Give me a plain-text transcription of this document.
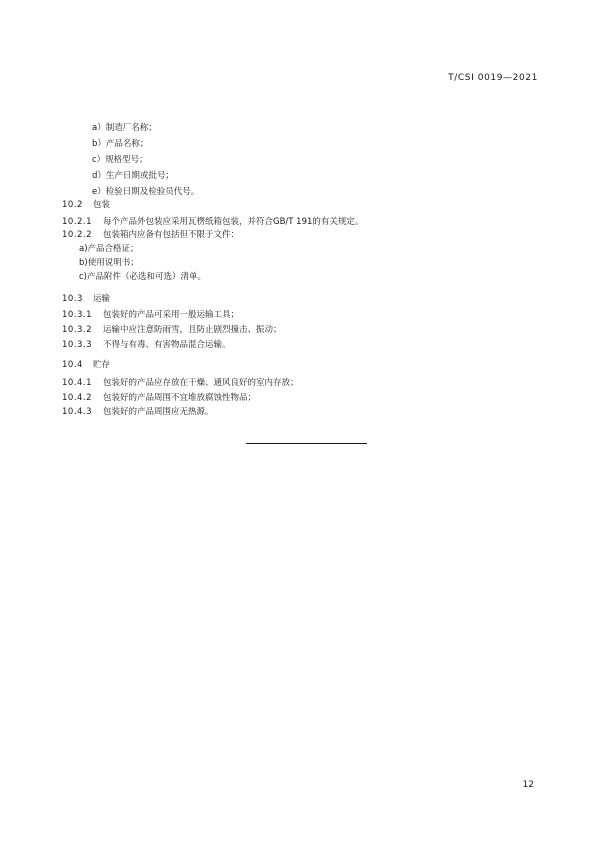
T/CSI 0019—2021
a）制造厂名称；
b）产品名称；
c）规格型号；
d）生产日期或批号；
e）检验日期及检验员代号。
10.2 包装
10.2.1 每个产品外包装应采用瓦楞纸箱包装，并符合GB/T 191的有关规定。
10.2.2 包装箱内应备有包括但不限于文件：
a)产品合格证；
b)使用说明书；
c)产品附件（必选和可选）清单。
10.3 运输
10.3.1 包装好的产品可采用一般运输工具；
10.3.2 运输中应注意防雨雪，且防止剧烈撞击、振动；
10.3.3 不得与有毒、有害物品混合运输。
10.4 贮存
10.4.1 包装好的产品应存放在干燥、通风良好的室内存放；
10.4.2 包装好的产品周围不宜堆放腐蚀性物品；
10.4.3 包装好的产品周围应无热源。
12
